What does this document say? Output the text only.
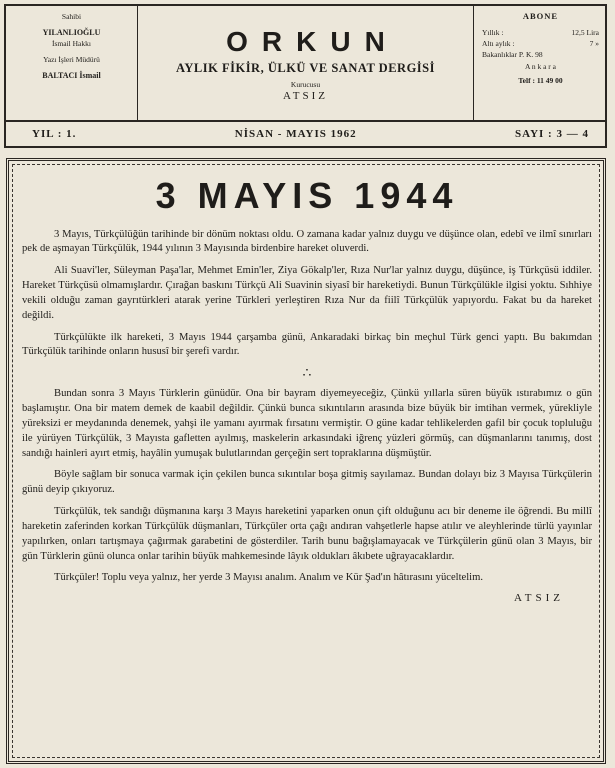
Sahibi
YILANLIOĞLU
İsmail Hakkı
Yazı İşleri Müdürü
BALTACI İsmail
ORKUN
AYLIK FİKİR, ÜLKÜ VE SANAT DERGİSİ
Kurucusu
ATSIZ
ABONE
Yıllık :	12,5 Lira
Altı aylık :	7 »
Bakanlıklar P. K. 98
A n k a r a
Telf : 11 49 00
YIL : 1.	NİSAN - MAYIS 1962	SAYI : 3 — 4
3 MAYIS 1944

3 Mayıs, Türkçülüğün tarihinde bir dönüm noktası oldu. O zamana kadar yalnız duygu ve düşünce olan, edebî ve ilmî sınırları pek de aşmayan Türkçülük, 1944 yılının 3 Mayısında birdenbire hareket oluverdi.

Ali Suavi'ler, Süleyman Paşa'lar, Mehmet Emin'ler, Ziya Gökalp'ler, Rıza Nur'lar yalnız duygu, düşünce, iş Türkçüsü iddiler. Hareket Türkçüsü olmamışlardır. Çırağan baskını Türkçü Ali Suavinin siyasî bir hareketiydi. Bunun Türkçülükle ilgisi yoktu. Sıhhiye vekili olduğu zaman gayrıtürkleri atarak yerine Türkleri yerleştiren Rıza Nur da fiilî Türkçülük yapıyordu. Fakat bu da hareket değildi.

Türkçülükte ilk hareketi, 3 Mayıs 1944 çarşamba günü, Ankaradaki birkaç bin meçhul Türk genci yaptı. Bu bakımdan Türkçülük tarihinde onların hususî bir şerefi vardır.

∴

Bundan sonra 3 Mayıs Türklerin günüdür. Ona bir bayram diyemeyeceğiz, Çünkü yıllarla süren büyük ıstırabımız o gün başlamıştır. Ona bir matem demek de kaabil değildir. Çünkü bunca sıkıntıların arasında bize büyük bir imtihan vermek, yürekliyle yüreksizi er meydanında denemek, yahşi ile yamanı ayırmak fırsatını vermiştir. O güne kadar tehlikelerden gafil bir çocuk topluluğu ile yürüyen Türkçülük, 3 Mayısta gafletten ayılmış, maskelerin arkasındaki iğrenç yüzleri görmüş, can düşmanlarını tanımış, dost sandığı hainleri ayırt etmiş, hayâlin yumuşak bulutlarından gerçeğin sert topraklarına düşmüştür.

Böyle sağlam bir sonuca varmak için çekilen bunca sıkıntılar boşa gitmiş sayılamaz. Bundan dolayı biz 3 Mayısa Türkçülerin günü deyip çıkıyoruz.

Türkçülük, tek sandığı düşmanına karşı 3 Mayıs hareketini yaparken onun çift olduğunu acı bir deneme ile öğrendi. Bu millî hareketin zaferinden korkan Türkçülük düşmanları, Türkçüler orta çağı andıran vahşetlerle hapse atılır ve aleyhlerinde türlü yayınlar yapılırken, onları tartışmaya çağırmak garabetini de gösterdiler. Tarih bunu bağışlamayacak ve Türkçülerin günü olan 3 Mayıs, bir gün Türklerin günü olunca onlar tarihin büyük mahkemesinde lâyık oldukları âkıbete uğrayacaklardır.

Türkçüler! Toplu veya yalnız, her yerde 3 Mayısı analım. Analım ve Kür Şad'ın hâtırasını yüceltelim.

ATSIZ
